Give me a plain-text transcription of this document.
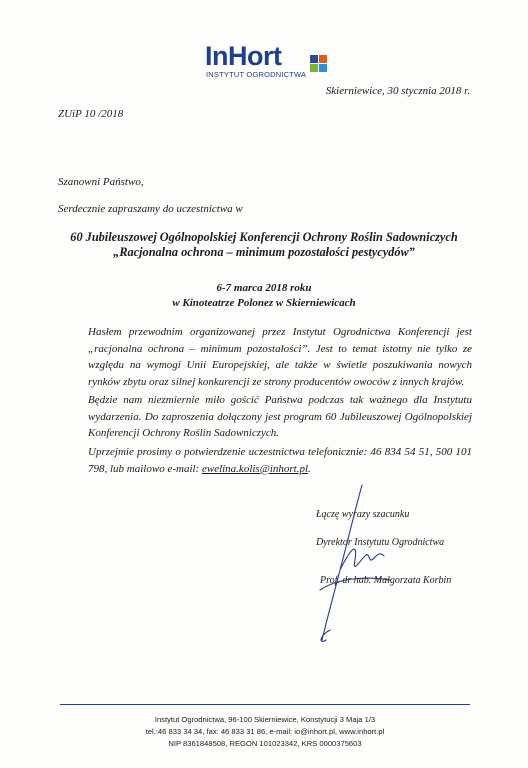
InHort
INSTYTUT OGRODNICTWA
Skierniewice, 30 stycznia 2018 r.
ZUiP 10 /2018
Szanowni Państwo,
Serdecznie zapraszamy do uczestnictwa w
60 Jubileuszowej Ogólnopolskiej Konferencji Ochrony Roślin Sadowniczych
„Racjonalna ochrona – minimum pozostałości pestycydów”
6-7 marca 2018 roku
w Kinoteatrze Polonez w Skierniewicach
Hasłem przewodnim organizowanej przez Instytut Ogrodnictwa Konferencji jest „racjonalna ochrona – minimum pozostałości”. Jest to temat istotny nie tylko ze względu na wymogi Unii Europejskiej, ale także w świetle poszukiwania nowych rynków zbytu oraz silnej konkurencji ze strony producentów owoców z innych krajów.
Będzie nam niezmiernie miło gościć Państwa podczas tak ważnego dla Instytutu wydarzenia. Do zaproszenia dołączony jest program 60 Jubileuszowej Ogólnopolskiej Konferencji Ochrony Roślin Sadowniczych.
Uprzejmie prosimy o potwierdzenie uczestnictwa telefonicznie: 46 834 54 51, 500 101 798, lub mailowo e-mail: ewelina.kolis@inhort.pl.
Łączę wyrazy szacunku
Dyrektor Instytutu Ogrodnictwa
Prof. dr hab. Małgorzata Korbin
Instytut Ogrodnictwa, 96-100 Skierniewice, Konstytucji 3 Maja 1/3
tel.:46 833 34 34, fax: 46 833 31 86, e-mail: io@inhort.pl, www.inhort.pl
NIP 8361848508, REGON 101023342, KRS 0000375603
